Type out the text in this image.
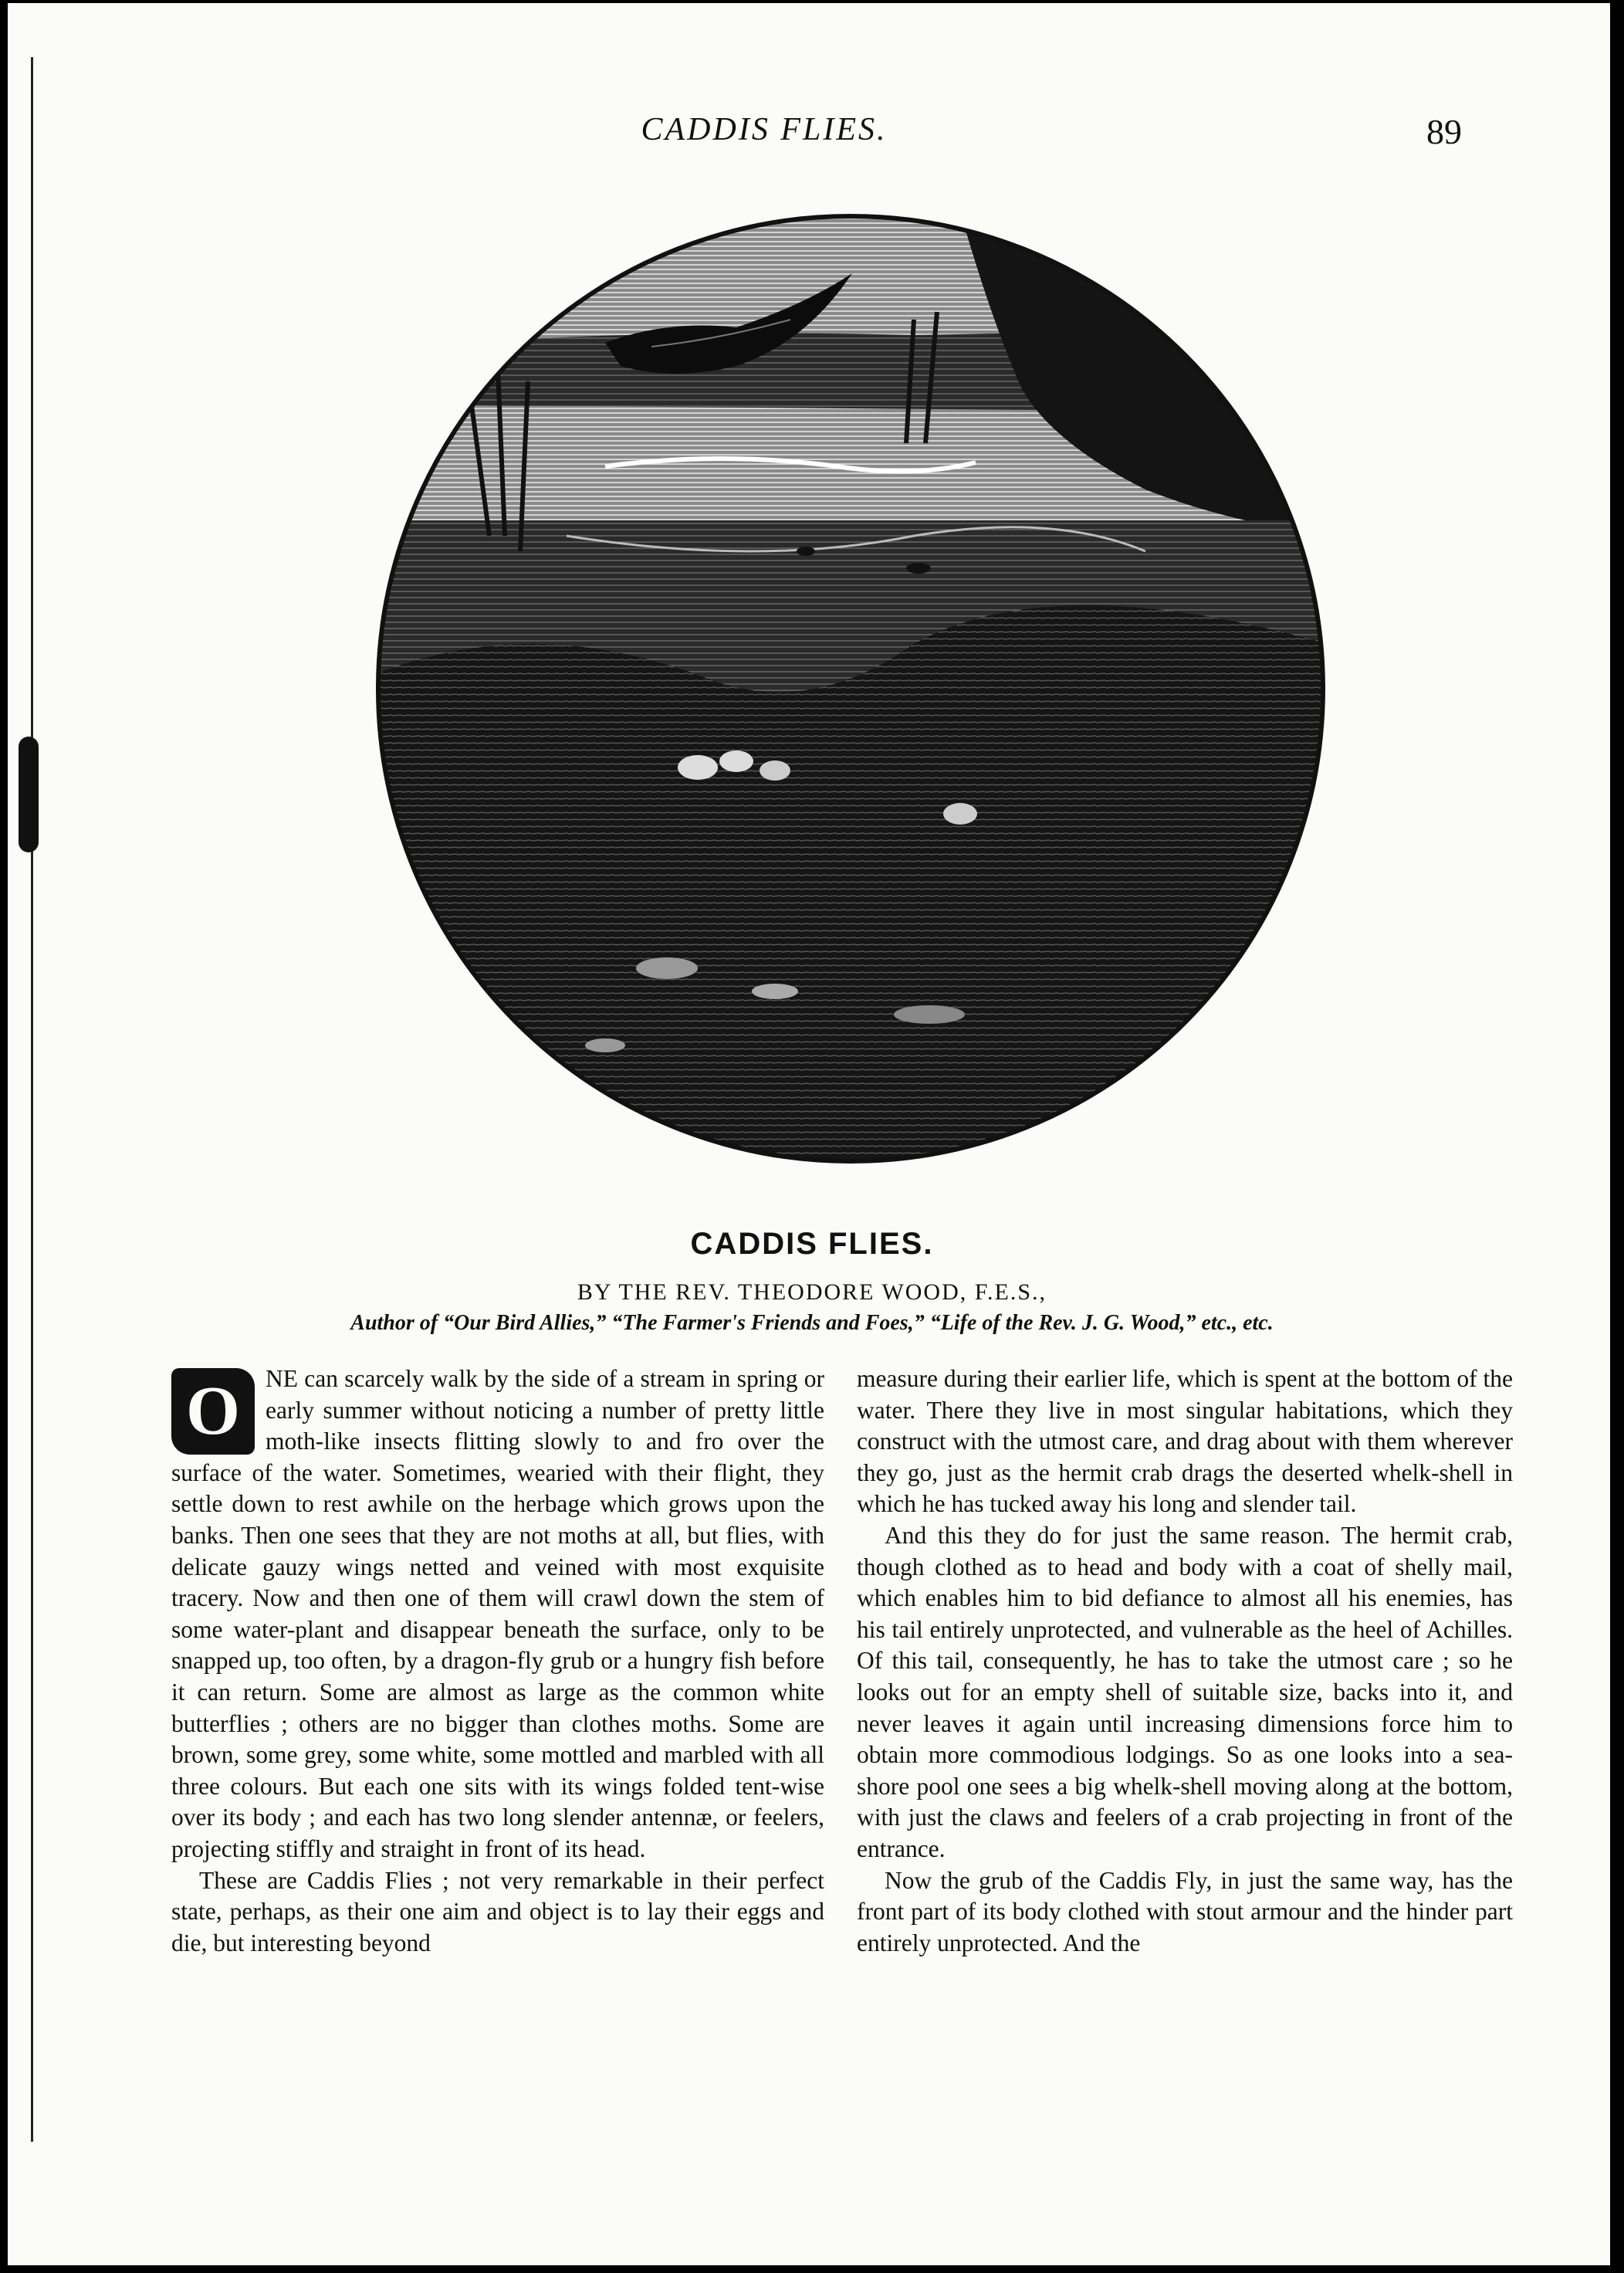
CADDIS FLIES.	89
CADDIS FLIES.
BY THE REV. THEODORE WOOD, F.E.S.,
Author of “Our Bird Allies,” “The Farmer's Friends and Foes,” “Life of the Rev. J. G. Wood,” etc., etc.

O	NE can scarcely walk by the side of a stream in spring or early summer without noticing a number of pretty little moth-like insects flitting slowly to and fro over the surface of the water. Sometimes, wearied with their flight, they settle down to rest awhile on the herbage which grows upon the banks. Then one sees that they are not moths at all, but flies, with delicate gauzy wings netted and veined with most exquisite tracery. Now and then one of them will crawl down the stem of some water-plant and disappear beneath the surface, only to be snapped up, too often, by a dragon-fly grub or a hungry fish before it can return. Some are almost as large as the common white butterflies ; others are no bigger than clothes moths. Some are brown, some grey, some white, some mottled and marbled with all three colours. But each one sits with its wings folded tent-wise over its body ; and each has two long slender antennæ, or feelers, projecting stiffly and straight in front of its head.

These are Caddis Flies ; not very remarkable in their perfect state, perhaps, as their one aim and object is to lay their eggs and die, but interesting beyond

measure during their earlier life, which is spent at the bottom of the water. There they live in most singular habitations, which they construct with the utmost care, and drag about with them wherever they go, just as the hermit crab drags the deserted whelk-shell in which he has tucked away his long and slender tail.

And this they do for just the same reason. The hermit crab, though clothed as to head and body with a coat of shelly mail, which enables him to bid defiance to almost all his enemies, has his tail entirely unprotected, and vulnerable as the heel of Achilles. Of this tail, consequently, he has to take the utmost care ; so he looks out for an empty shell of suitable size, backs into it, and never leaves it again until increasing dimensions force him to obtain more commodious lodgings. So as one looks into a sea-shore pool one sees a big whelk-shell moving along at the bottom, with just the claws and feelers of a crab projecting in front of the entrance.

Now the grub of the Caddis Fly, in just the same way, has the front part of its body clothed with stout armour and the hinder part entirely unprotected. And the
